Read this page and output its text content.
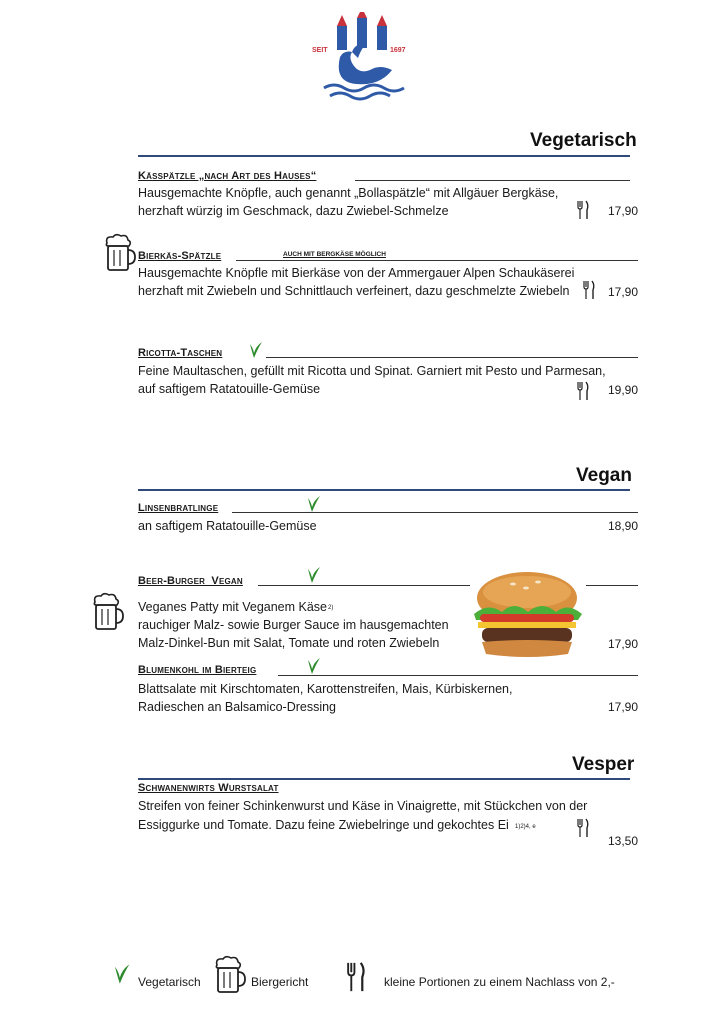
SEIT	1697
Vegetarisch
Kässpätzle „nach Art des Hauses“
Hausgemachte Knöpfle, auch genannt „Bollaspätzle“ mit Allgäuer Bergkäse,
herzhaft würzig im Geschmack, dazu Zwiebel-Schmelze	17,90
Bierkäs-Spätzle	AUCH MIT BERGKÄSE MÖGLICH
Hausgemachte Knöpfle mit Bierkäse von der Ammergauer Alpen Schaukäserei
herzhaft mit Zwiebeln und Schnittlauch verfeinert, dazu geschmelzte Zwiebeln	17,90
Ricotta-Taschen
Feine Maultaschen, gefüllt mit Ricotta und Spinat. Garniert mit Pesto und Parmesan,
auf saftigem Ratatouille-Gemüse	19,90
Vegan
Linsenbratlinge
an saftigem Ratatouille-Gemüse	18,90
Beer-Burger_Vegan
Veganes Patty mit Veganem Käse 2)
rauchiger Malz- sowie Burger Sauce im hausgemachten
Malz-Dinkel-Bun mit Salat, Tomate und roten Zwiebeln	17,90
Blumenkohl im Bierteig
Blattsalate mit Kirschtomaten, Karottenstreifen, Mais, Kürbiskernen,
Radieschen an Balsamico-Dressing	17,90
Vesper
Schwanenwirts Wurstsalat
Streifen von feiner Schinkenwurst und Käse in Vinaigrette, mit Stückchen von der
Essiggurke und Tomate. Dazu feine Zwiebelringe und gekochtes Ei 1)2)4, e
13,50
Vegetarisch	Biergericht	kleine Portionen zu einem Nachlass von 2,-
